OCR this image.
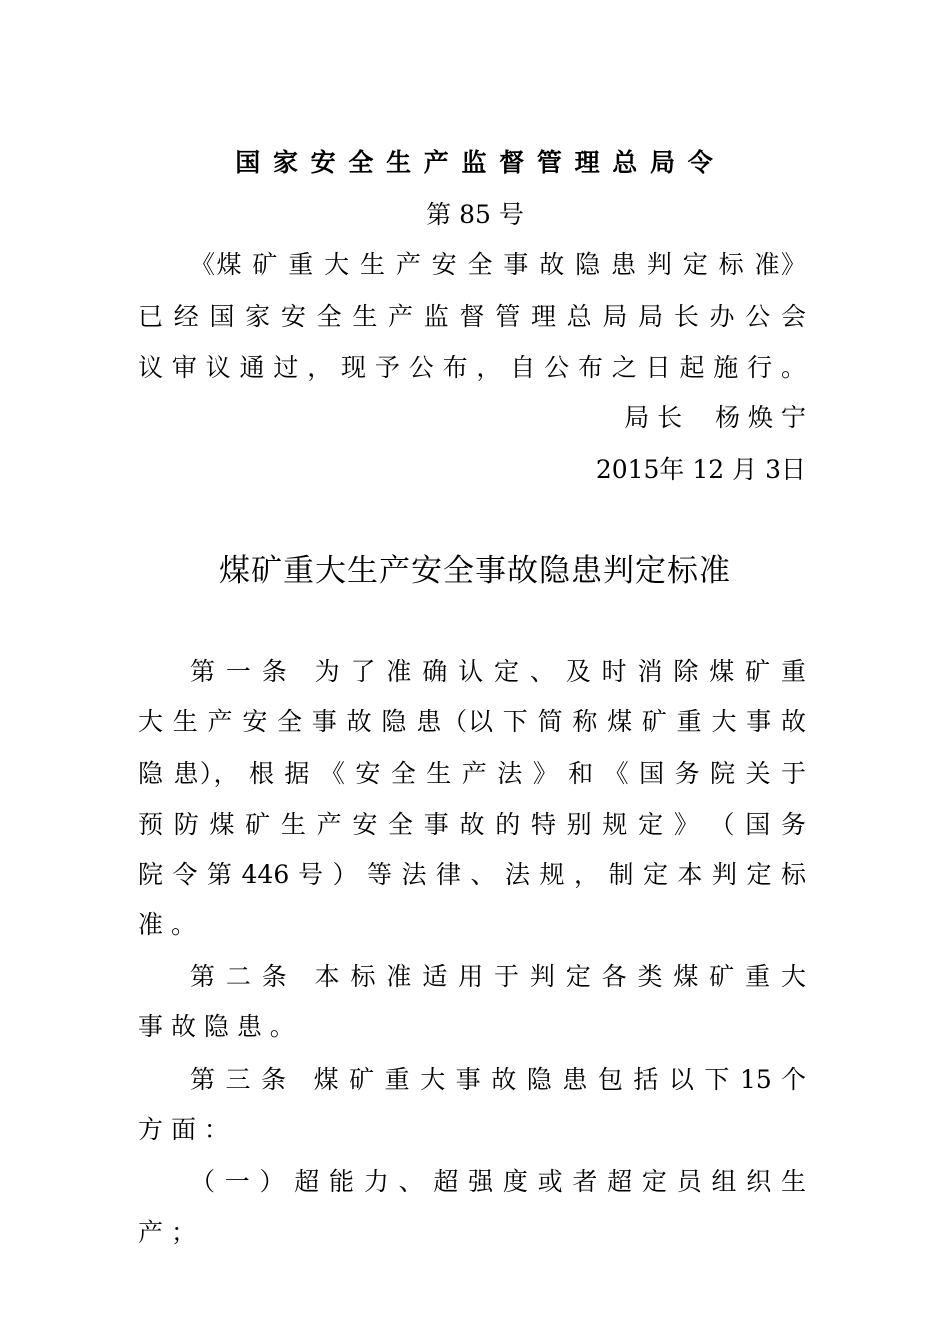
国 家 安 全 生 产 监 督 管 理 总 局 令
第 85 号
《煤 矿 重 大 生 产 安 全 事 故 隐 患 判 定 标 准》
已 经 国 家 安 全 生 产 监 督 管 理 总 局 局 长 办 公 会
议 审 议 通 过 ， 现 予 公 布 ， 自 公 布 之 日 起 施 行 。
局 长　 杨 焕 宁
2015年 12 月 3日
煤矿重大生产安全事故隐患判定标准
第 一 条　为 了 准 确 认 定 、 及 时 消 除 煤 矿 重
大 生 产 安 全 事 故 隐 患（以 下 简 称 煤 矿 重 大 事 故
隐 患）， 根 据 《 安 全 生 产 法 》 和 《 国 务 院 关 于
预 防 煤 矿 生 产 安 全 事 故 的 特 别 规 定 》 （ 国 务
院 令 第 446 号 ） 等 法 律 、 法 规 ， 制 定 本 判 定 标
准 。
第 二 条　本 标 准 适 用 于 判 定 各 类 煤 矿 重 大
事 故 隐 患 。
第 三 条　煤 矿 重 大 事 故 隐 患 包 括 以 下 15 个
方 面 ：
（ 一 ） 超 能 力 、 超 强 度 或 者 超 定 员 组 织 生
产 ；
